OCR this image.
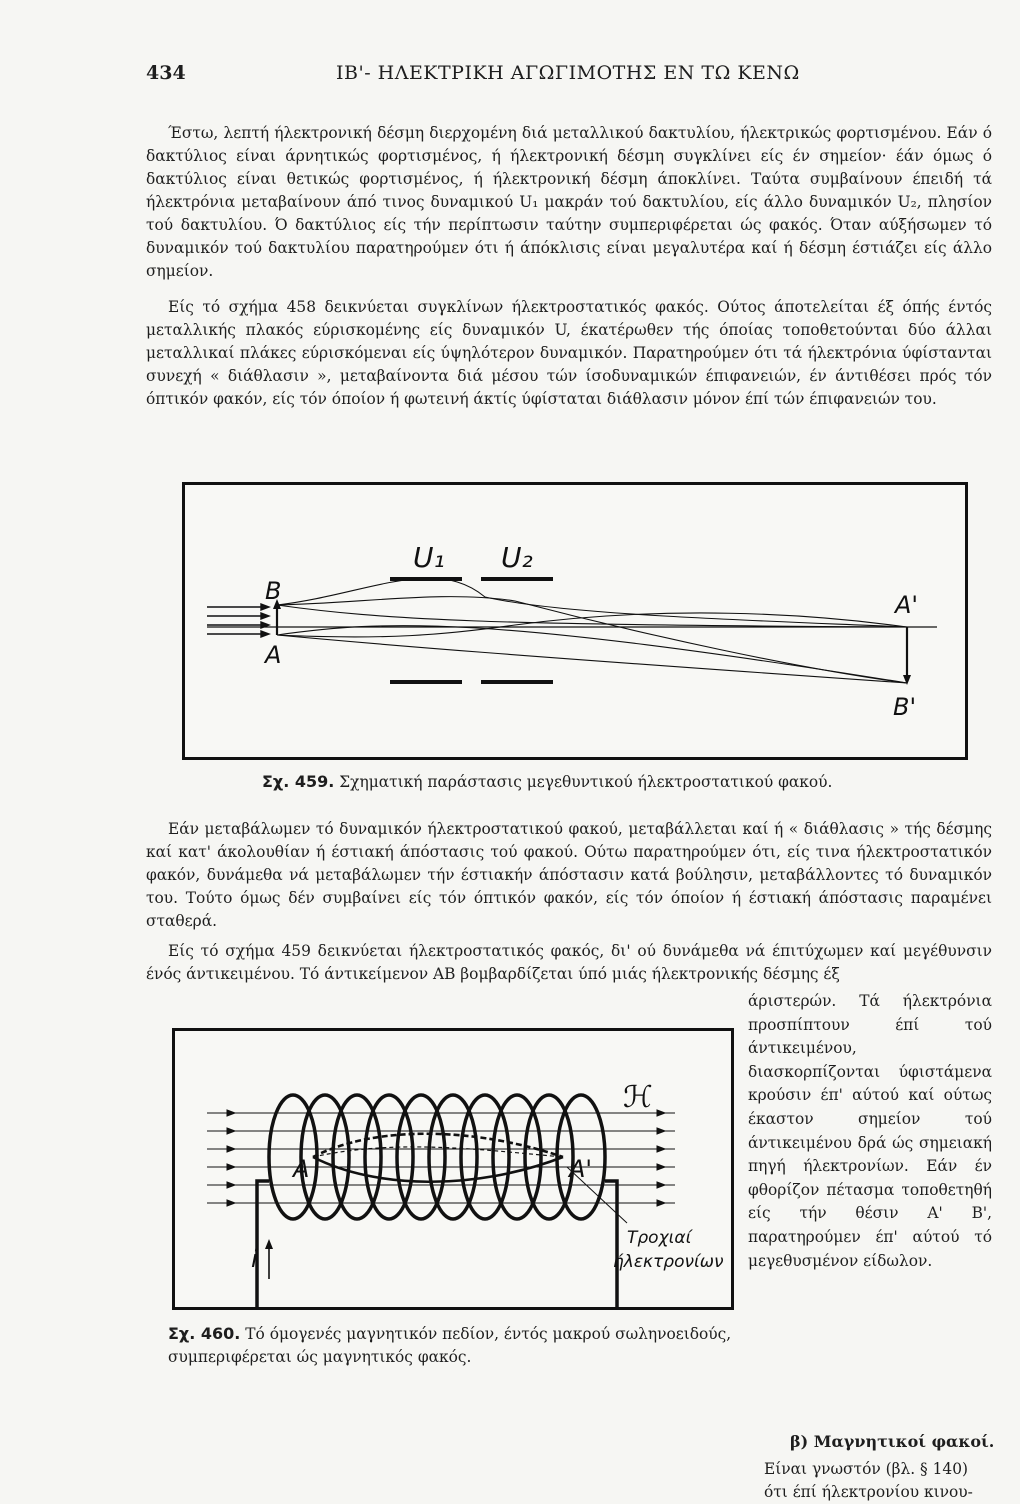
434	ΙΒ'- ΗΛΕΚΤΡΙΚΗ ΑΓΩΓΙΜΟΤΗΣ ΕΝ ΤΩ ΚΕΝΩ

Έστω, λεπτή ήλεκτρονική δέσμη διερχομένη διά μεταλλικού δακτυλίου, ήλεκτρικώς φορτισμένου. Εάν ό δακτύλιος είναι άρνητικώς φορτισμένος, ή ήλεκτρονική δέσμη συγκλίνει είς έν σημείον· έάν όμως ό δακτύλιος είναι θετικώς φορτισμένος, ή ήλεκτρονική δέσμη άποκλίνει. Ταύτα συμβαίνουν έπειδή τά ήλεκτρόνια μεταβαίνουν άπό τινος δυναμικού U₁ μακράν τού δακτυλίου, είς άλλο δυναμικόν U₂, πλησίον τού δακτυλίου. Ό δακτύλιος είς τήν περίπτωσιν ταύτην συμπεριφέρεται ώς φακός. Όταν αύξήσωμεν τό δυναμικόν τού δακτυλίου παρατηρούμεν ότι ή άπόκλισις είναι μεγαλυτέρα καί ή δέσμη έστιάζει είς άλλο σημείον.

Είς τό σχήμα 458 δεικνύεται συγκλίνων ήλεκτροστατικός φακός. Ούτος άποτελείται έξ όπής έντός μεταλλικής πλακός εύρισκομένης είς δυναμικόν U, έκατέρωθεν τής όποίας τοποθετούνται δύο άλλαι μεταλλικαί πλάκες εύρισκόμεναι είς ύψηλότερον δυναμικόν. Παρατηρούμεν ότι τά ήλεκτρόνια ύφίστανται συνεχή « διάθλασιν », μεταβαίνοντα διά μέσου τών ίσοδυναμικών έπιφανειών, έν άντιθέσει πρός τόν όπτικόν φακόν, είς τόν όποίον ή φωτεινή άκτίς ύφίσταται διάθλασιν μόνον έπί τών έπιφανειών του.

U₁ U₂
B
A
A'
B'
Σχ. 459. Σχηματική παράστασις μεγεθυντικού ήλεκτροστατικού φακού.

Εάν μεταβάλωμεν τό δυναμικόν ήλεκτροστατικού φακού, μεταβάλλεται καί ή « διάθλασις » τής δέσμης καί κατ' άκολουθίαν ή έστιακή άπόστασις τού φακού. Ούτω παρατηρούμεν ότι, είς τινα ήλεκτροστατικόν φακόν, δυνάμεθα νά μεταβάλωμεν τήν έστιακήν άπόστασιν κατά βούλησιν, μεταβάλλοντες τό δυναμικόν του. Τούτο όμως δέν συμβαίνει είς τόν όπτικόν φακόν, είς τόν όποίον ή έστιακή άπόστασις παραμένει σταθερά.

Είς τό σχήμα 459 δεικνύεται ήλεκτροστατικός φακός, δι' ού δυνάμεθα νά έπιτύχωμεν καί μεγέθυνσιν ένός άντικειμένου. Τό άντικείμενον ΑΒ βομβαρδίζεται ύπό μιάς ήλεκτρονικής δέσμης έξ

ℋ
A	A'
i
Τροχιαί
ήλεκτρονίων
Σχ. 460. Τό όμογενές μαγνητικόν πεδίον, έντός μακρού σωληνοειδούς, συμπεριφέρεται ώς μαγνητικός φακός.

άριστερών. Τά ήλεκτρόνια προσπίπτουν έπί τού άντικειμένου, διασκορπίζονται ύφιστάμενα κρούσιν έπ' αύτού καί ούτως έκαστον σημείον τού άντικειμένου δρά ώς σημειακή πηγή ήλεκτρονίων. Εάν έν φθορίζον πέτασμα τοποθετηθή είς τήν θέσιν Α' Β', παρατηρούμεν έπ' αύτού τό μεγεθυσμένον είδωλον.

β) Μαγνητικοί φακοί.
Είναι γνωστόν (βλ. § 140) ότι έπί ήλεκτρονίου κινου-
